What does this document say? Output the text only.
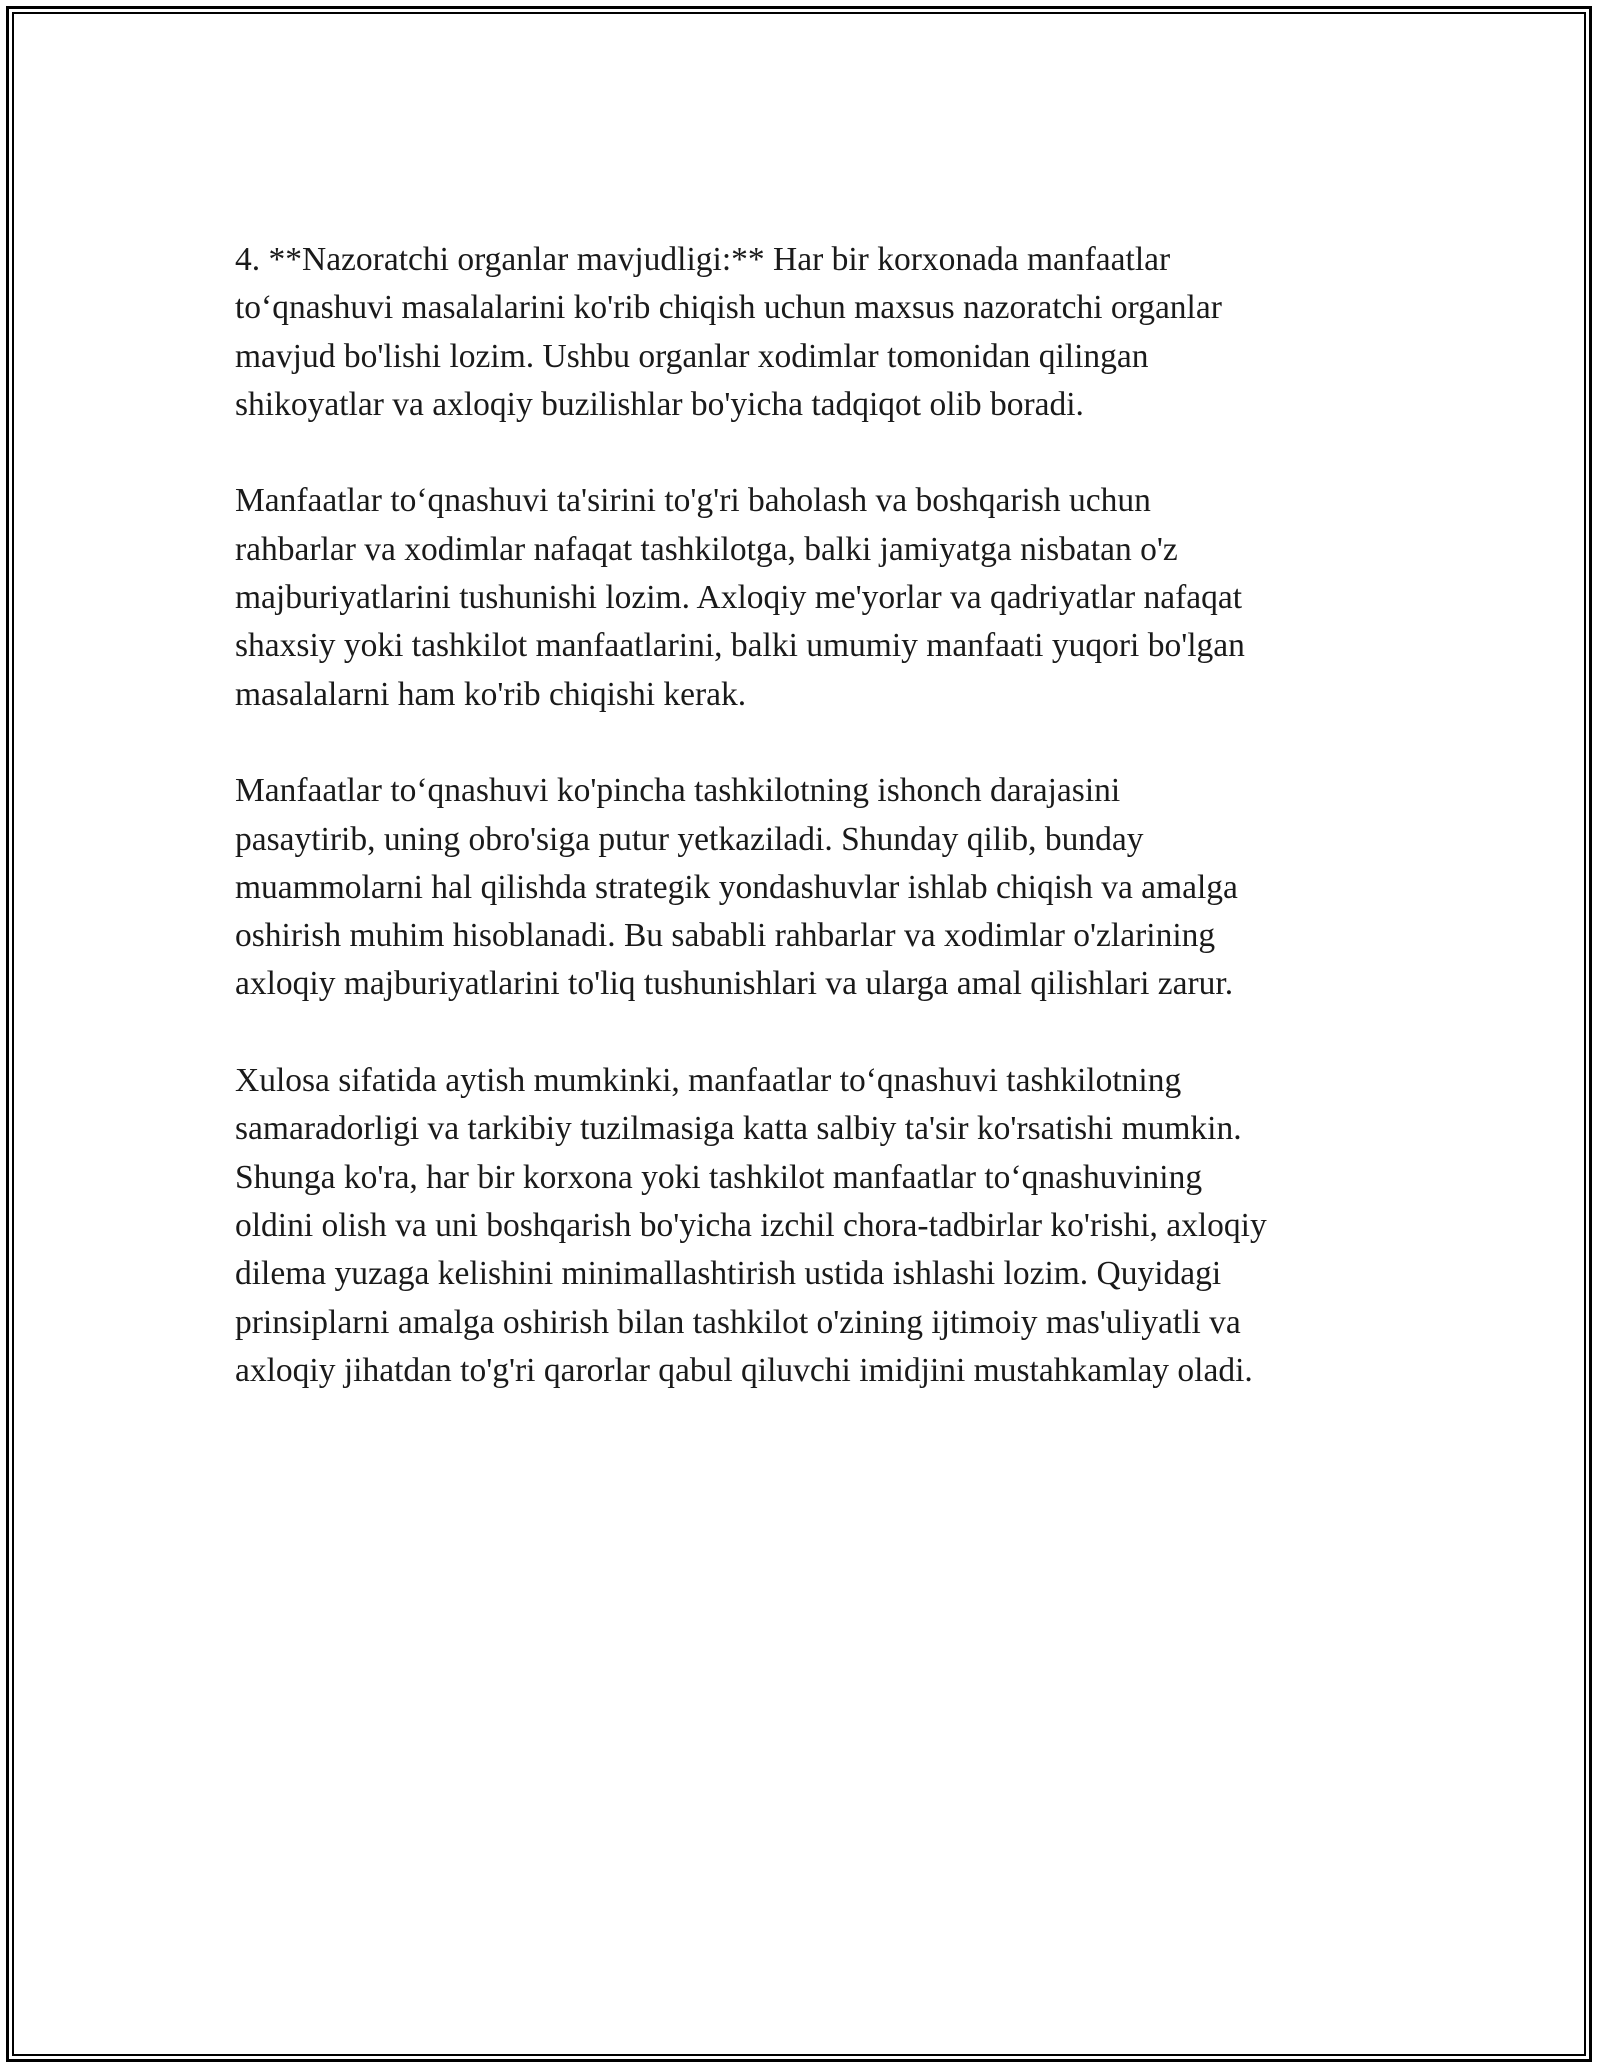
4. **Nazoratchi organlar mavjudligi:** Har bir korxonada manfaatlar
to‘qnashuvi masalalarini ko'rib chiqish uchun maxsus nazoratchi organlar
mavjud bo'lishi lozim. Ushbu organlar xodimlar tomonidan qilingan
shikoyatlar va axloqiy buzilishlar bo'yicha tadqiqot olib boradi.

Manfaatlar to‘qnashuvi ta'sirini to'g'ri baholash va boshqarish uchun
rahbarlar va xodimlar nafaqat tashkilotga, balki jamiyatga nisbatan o'z
majburiyatlarini tushunishi lozim. Axloqiy me'yorlar va qadriyatlar nafaqat
shaxsiy yoki tashkilot manfaatlarini, balki umumiy manfaati yuqori bo'lgan
masalalarni ham ko'rib chiqishi kerak.

Manfaatlar to‘qnashuvi ko'pincha tashkilotning ishonch darajasini
pasaytirib, uning obro'siga putur yetkaziladi. Shunday qilib, bunday
muammolarni hal qilishda strategik yondashuvlar ishlab chiqish va amalga
oshirish muhim hisoblanadi. Bu sababli rahbarlar va xodimlar o'zlarining
axloqiy majburiyatlarini to'liq tushunishlari va ularga amal qilishlari zarur.

Xulosa sifatida aytish mumkinki, manfaatlar to‘qnashuvi tashkilotning
samaradorligi va tarkibiy tuzilmasiga katta salbiy ta'sir ko'rsatishi mumkin.
Shunga ko'ra, har bir korxona yoki tashkilot manfaatlar to‘qnashuvining
oldini olish va uni boshqarish bo'yicha izchil chora-tadbirlar ko'rishi, axloqiy
dilema yuzaga kelishini minimallashtirish ustida ishlashi lozim. Quyidagi
prinsiplarni amalga oshirish bilan tashkilot o'zining ijtimoiy mas'uliyatli va
axloqiy jihatdan to'g'ri qarorlar qabul qiluvchi imidjini mustahkamlay oladi.
